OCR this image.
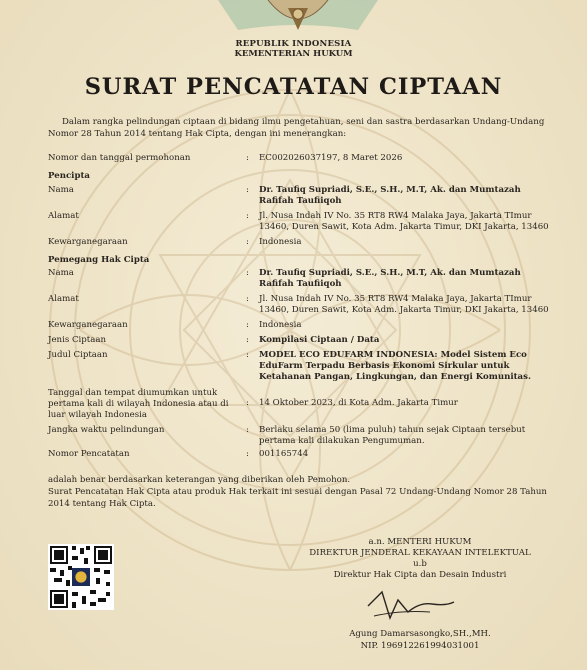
REPUBLIK INDONESIA
KEMENTERIAN HUKUM
SURAT PENCATATAN CIPTAAN
Dalam rangka pelindungan ciptaan di bidang ilmu pengetahuan, seni dan sastra berdasarkan Undang-Undang Nomor 28 Tahun 2014 tentang Hak Cipta, dengan ini menerangkan:
Nomor dan tanggal permohonan	: EC002026037197, 8 Maret 2026
Pencipta
Nama	: Dr. Taufiq Supriadi, S.E., S.H., M.T, Ak. dan Mumtazah Rafifah Taufiiqoh
Alamat	: Jl. Nusa Indah IV No. 35 RT8 RW4 Malaka Jaya, Jakarta TImur 13460, Duren Sawit, Kota Adm. Jakarta Timur, DKI Jakarta, 13460
Kewarganegaraan	: Indonesia
Pemegang Hak Cipta
Nama	: Dr. Taufiq Supriadi, S.E., S.H., M.T, Ak. dan Mumtazah Rafifah Taufiiqoh
Alamat	: Jl. Nusa Indah IV No. 35 RT8 RW4 Malaka Jaya, Jakarta TImur 13460, Duren Sawit, Kota Adm. Jakarta Timur, DKI Jakarta, 13460
Kewarganegaraan	: Indonesia
Jenis Ciptaan	: Kompilasi Ciptaan / Data
Judul Ciptaan	: MODEL ECO EDUFARM INDONESIA: Model Sistem Eco EduFarm Terpadu Berbasis Ekonomi Sirkular untuk Ketahanan Pangan, Lingkungan, dan Energi Komunitas.
Tanggal dan tempat diumumkan untuk pertama kali di wilayah Indonesia atau di luar wilayah Indonesia
: 14 Oktober 2023, di Kota Adm. Jakarta Timur
Jangka waktu pelindungan	: Berlaku selama 50 (lima puluh) tahun sejak Ciptaan tersebut pertama kali dilakukan Pengumuman.
Nomor Pencatatan	: 001165744
adalah benar berdasarkan keterangan yang diberikan oleh Pemohon.
Surat Pencatatan Hak Cipta atau produk Hak terkait ini sesuai dengan Pasal 72 Undang-Undang Nomor 28 Tahun 2014 tentang Hak Cipta.
a.n. MENTERI HUKUM
DIREKTUR JENDERAL KEKAYAAN INTELEKTUAL
u.b
Direktur Hak Cipta dan Desain Industri
Agung Damarsasongko,SH.,MH.
NIP. 196912261994031001
